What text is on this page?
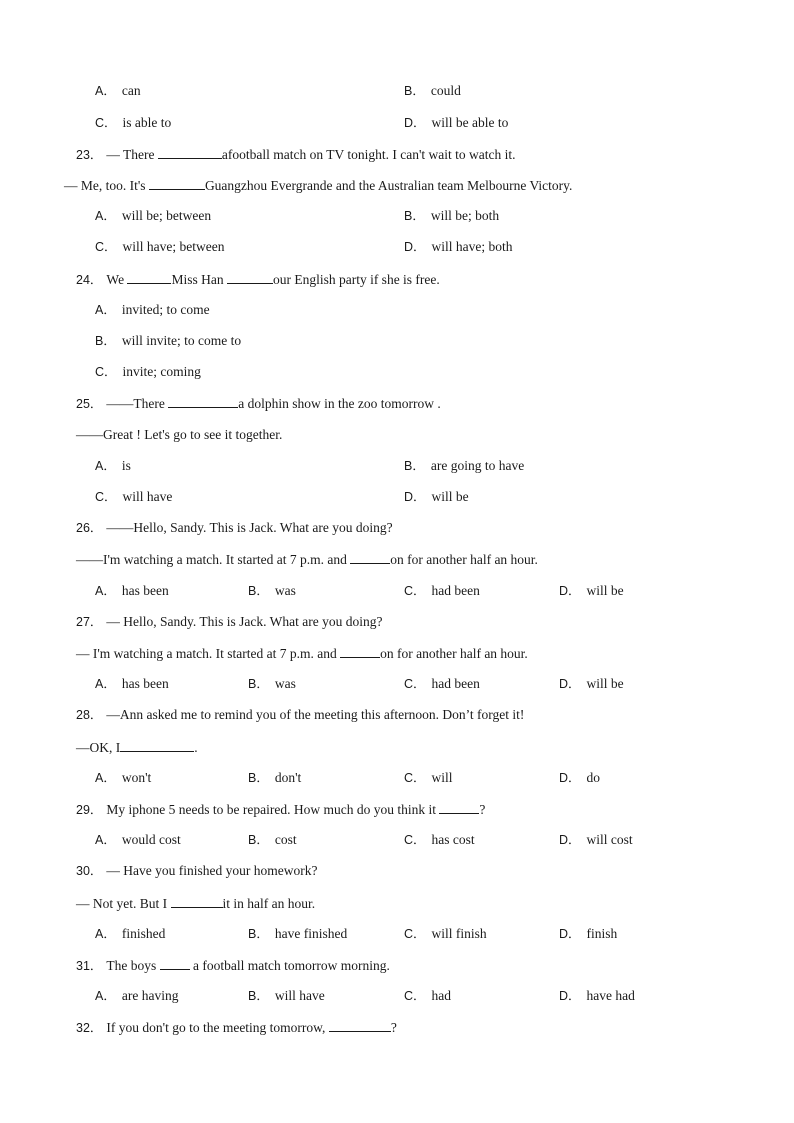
A． can	B． could
C． is able to	D． will be able to
23． — There	afootball match on TV tonight. I can't wait to watch it.
— Me, too. It's	Guangzhou Evergrande and the Australian team Melbourne Victory.
A． will be; between	B． will be; both
C． will have; between	D． will have; both
24． We	Miss Han	our English party if she is free.
A． invited; to come
B． will invite; to come to
C． invite; coming
25． ——There	a dolphin show in the zoo tomorrow .
——Great ! Let's go to see it together.
A． is	B． are going to have
C． will have	D． will be
26． ——Hello, Sandy. This is Jack. What are you doing?
——I'm watching a match. It started at 7 p.m. and	on for another half an hour.
A． has been	B． was	C． had been	D． will be
27． — Hello, Sandy. This is Jack. What are you doing?
— I'm watching a match. It started at 7 p.m. and	on for another half an hour.
A． has been	B． was	C． had been	D． will be
28． —Ann asked me to remind you of the meeting this afternoon. Don’t forget it!
—OK, I	.
A． won't	B． don't	C． will	D． do
29． My iphone 5 needs to be repaired. How much do you think it	?
A． would cost	B． cost	C． has cost	D． will cost
30． — Have you finished your homework?
— Not yet. But I	it in half an hour.
A． finished	B． have finished	C． will finish	D． finish
31． The boys  a football match tomorrow morning.
A． are having	B． will have	C． had	D． have had
32． If you don't go to the meeting tomorrow,	?
